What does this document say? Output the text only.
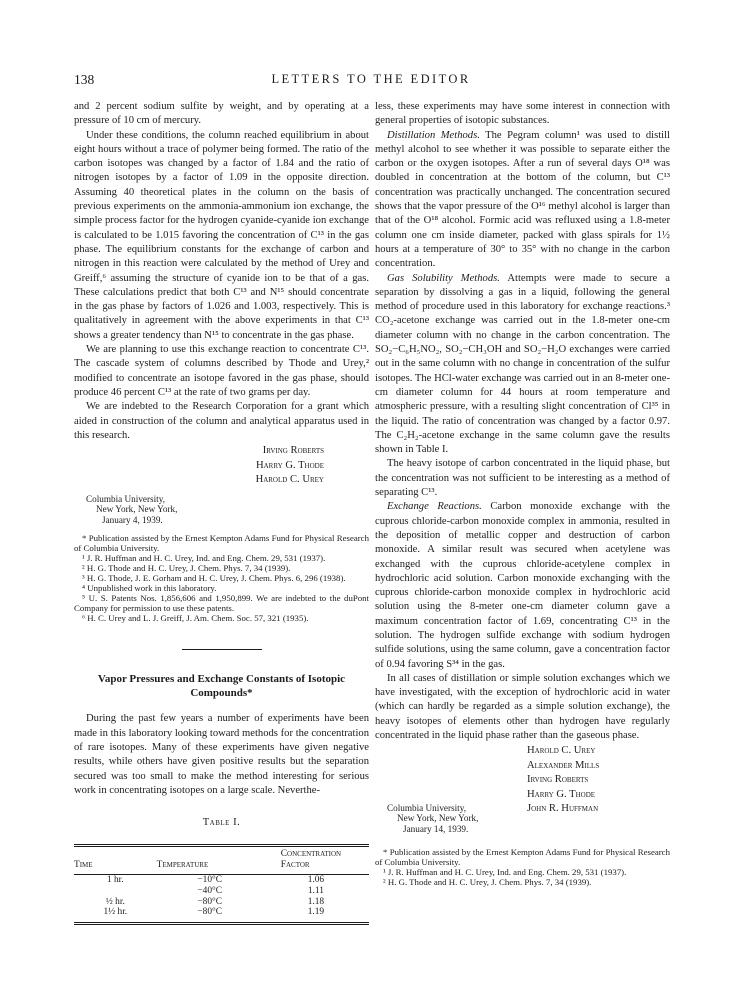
138	LETTERS TO THE EDITOR

and 2 percent sodium sulfite by weight, and by operating at a pressure of 10 cm of mercury.

Under these conditions, the column reached equilibrium in about eight hours without a trace of polymer being formed. The ratio of the carbon isotopes was changed by a factor of 1.84 and the ratio of nitrogen isotopes by a factor of 1.09 in the opposite direction. Assuming 40 theoretical plates in the column on the basis of previous experiments on the ammonia-ammonium ion exchange, the simple process factor for the hydrogen cyanide-cyanide ion exchange is calculated to be 1.015 favoring the concentration of C¹³ in the gas phase. The equilibrium constants for the exchange of carbon and nitrogen in this reaction were calculated by the method of Urey and Greiff,⁶ assuming the structure of cyanide ion to be that of a gas. These calculations predict that both C¹³ and N¹⁵ should concentrate in the gas phase by factors of 1.026 and 1.003, respectively. This is qualitatively in agreement with the above experiments in that C¹³ shows a greater tendency than N¹⁵ to concentrate in the gas phase.

We are planning to use this exchange reaction to concentrate C¹³. The cascade system of columns described by Thode and Urey,² modified to concentrate an isotope favored in the gas phase, should produce 46 percent C¹³ at the rate of two grams per day.

We are indebted to the Research Corporation for a grant which aided in construction of the column and analytical apparatus used in this research.

Irving Roberts
Harry G. Thode
Harold C. Urey
Columbia University,
New York, New York,
January 4, 1939.
* Publication assisted by the Ernest Kempton Adams Fund for Physical Research of Columbia University.
¹ J. R. Huffman and H. C. Urey, Ind. and Eng. Chem. 29, 531 (1937).
² H. G. Thode and H. C. Urey, J. Chem. Phys. 7, 34 (1939).
³ H. G. Thode, J. E. Gorham and H. C. Urey, J. Chem. Phys. 6, 296 (1938).
⁴ Unpublished work in this laboratory.
⁵ U. S. Patents Nos. 1,856,606 and 1,950,899. We are indebted to the duPont Company for permission to use these patents.
⁶ H. C. Urey and L. J. Greiff, J. Am. Chem. Soc. 57, 321 (1935).
Vapor Pressures and Exchange Constants of Isotopic Compounds*

During the past few years a number of experiments have been made in this laboratory looking toward methods for the concentration of rare isotopes. Many of these experiments have given negative results, while others have given positive results but the separation secured was too small to make the method interesting for serious work in concentrating isotopes on a large scale. Neverthe-

Table I.
Time	Temperature	Concentration Factor
1 hr.	−10°C	1.06
	−40°C	1.11
½ hr.	−80°C	1.18
1½ hr.	−80°C	1.19

less, these experiments may have some interest in connection with general properties of isotopic substances.

Distillation Methods. The Pegram column¹ was used to distill methyl alcohol to see whether it was possible to separate either the carbon or the oxygen isotopes. After a run of several days O¹⁸ was doubled in concentration at the bottom of the column, but C¹³ concentration was practically unchanged. The concentration secured shows that the vapor pressure of the O¹⁶ methyl alcohol is larger than that of the O¹⁸ alcohol. Formic acid was refluxed using a 1.8-meter column one cm inside diameter, packed with glass spirals for 1½ hours at a temperature of 30° to 35° with no change in the carbon concentration.

Gas Solubility Methods. Attempts were made to secure a separation by dissolving a gas in a liquid, following the general method of procedure used in this laboratory for exchange reactions.³ CO₂-acetone exchange was carried out in the 1.8-meter one-cm diameter column with no change in the carbon concentration. The SO₂−C₆H₅NO₂, SO₂−CH₃OH and SO₂−H₂O exchanges were carried out in the same column with no change in concentration of the sulfur isotopes. The HCl-water exchange was carried out in an 8-meter one-cm diameter column for 44 hours at room temperature and atmospheric pressure, with a resulting slight concentration of Cl³⁵ in the liquid. The ratio of concentration was changed by a factor 0.97. The C₂H₂-acetone exchange in the same column gave the results shown in Table I.

The heavy isotope of carbon concentrated in the liquid phase, but the concentration was not sufficient to be interesting as a method of separating C¹³.

Exchange Reactions. Carbon monoxide exchange with the cuprous chloride-carbon monoxide complex in ammonia, resulted in the deposition of metallic copper and destruction of carbon monoxide. A similar result was secured when acetylene was exchanged with the cuprous chloride-acetylene complex in hydrochloric acid solution. Carbon monoxide exchanging with the cuprous chloride-carbon monoxide complex in hydrochloric acid solution using the 8-meter one-cm diameter column gave a maximum concentration factor of 1.69, concentrating C¹³ in the solution. The hydrogen sulfide exchange with sodium hydrogen sulfide solutions, using the same column, gave a concentration factor of 0.94 favoring S³⁴ in the gas.

In all cases of distillation or simple solution exchanges which we have investigated, with the exception of hydrochloric acid in water (which can hardly be regarded as a simple solution exchange), the heavy isotopes of elements other than hydrogen have regularly concentrated in the liquid phase rather than the gaseous phase.

Harold C. Urey
Alexander Mills
Irving Roberts
Harry G. Thode
John R. Huffman
Columbia University,
New York, New York,
January 14, 1939.
* Publication assisted by the Ernest Kempton Adams Fund for Physical Research of Columbia University.
¹ J. R. Huffman and H. C. Urey, Ind. and Eng. Chem. 29, 531 (1937).
² H. G. Thode and H. C. Urey, J. Chem. Phys. 7, 34 (1939).
